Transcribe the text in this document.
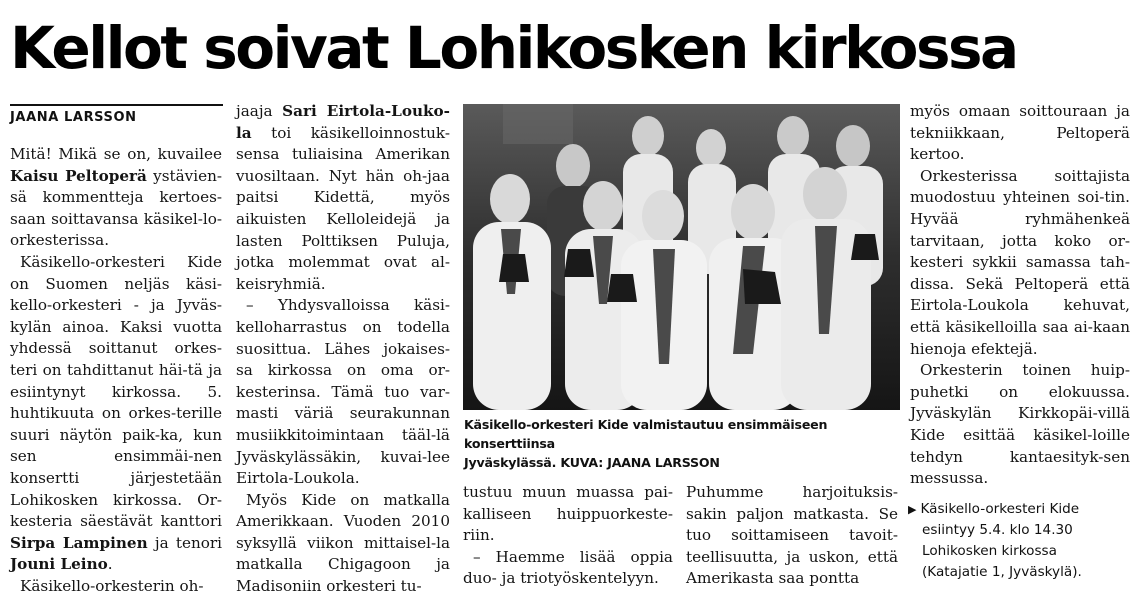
Kellot soivat Lohikosken kirkossa
JAANA LARSSON

Mitä! Mikä se on, kuvailee Kaisu Peltoperä ystävien-sä kommentteja kertoes-saan soittavansa käsikel-lo-orkesterissa.

Käsikello-orkesteri Kide on Suomen neljäs käsi-kello-orkesteri - ja Jyväs-kylän ainoa. Kaksi vuotta yhdessä soittanut orkes-teri on tahdittanut häi-tä ja esiintynyt kirkossa. 5. huhtikuuta on orkes-terille suuri näytön paik-ka, kun sen ensimmäi-nen konsertti järjestetään Lohikosken kirkossa. Or-kesteria säestävät kanttori Sirpa Lampinen ja tenori Jouni Leino.

Käsikello-orkesterin oh-

jaaja Sari Eirtola-Louko-la toi käsikelloinnostuk-sensa tuliaisina Amerikan vuosiltaan. Nyt hän oh-jaa paitsi Kidettä, myös aikuisten Kelloleidejä ja lasten Polttiksen Puluja, jotka molemmat ovat al-keisryhmiä.

– Yhdysvalloissa käsi-kelloharrastus on todella suosittua. Lähes jokaises-sa kirkossa on oma or-kesterinsa. Tämä tuo var-masti väriä seurakunnan musiikkitoimintaan tääl-lä Jyväskylässäkin, kuvai-lee Eirtola-Loukola.

Myös Kide on matkalla Amerikkaan. Vuoden 2010 syksyllä viikon mittaisel-la matkalla Chigagoon ja Madisoniin orkesteri tu-

Käsikello-orkesteri Kide valmistautuu ensimmäiseen konserttiinsa
Jyväskylässä. KUVA: JAANA LARSSON

tustuu muun muassa pai-kalliseen huippuorkeste-riin.

– Haemme lisää oppia duo- ja triotyöskentelyyn.

Puhumme harjoituksis-sakin paljon matkasta. Se tuo soittamiseen tavoit-teellisuutta, ja uskon, että Amerikasta saa pontta

myös omaan soittouraan ja tekniikkaan, Peltoperä kertoo.

Orkesterissa soittajista muodostuu yhteinen soi-tin. Hyvää ryhmähenkeä tarvitaan, jotta koko or-kesteri sykkii samassa tah-dissa. Sekä Peltoperä että Eirtola-Loukola kehuvat, että käsikelloilla saa ai-kaan hienoja efektejä.

Orkesterin toinen huip-puhetki on elokuussa. Jyväskylän Kirkkopäi-villä Kide esittää käsikel-loille tehdyn kantaesityk-sen messussa.

▶ Käsikello-orkesteri Kide
esiintyy 5.4. klo 14.30
Lohikosken kirkossa
(Katajatie 1, Jyväskylä).
